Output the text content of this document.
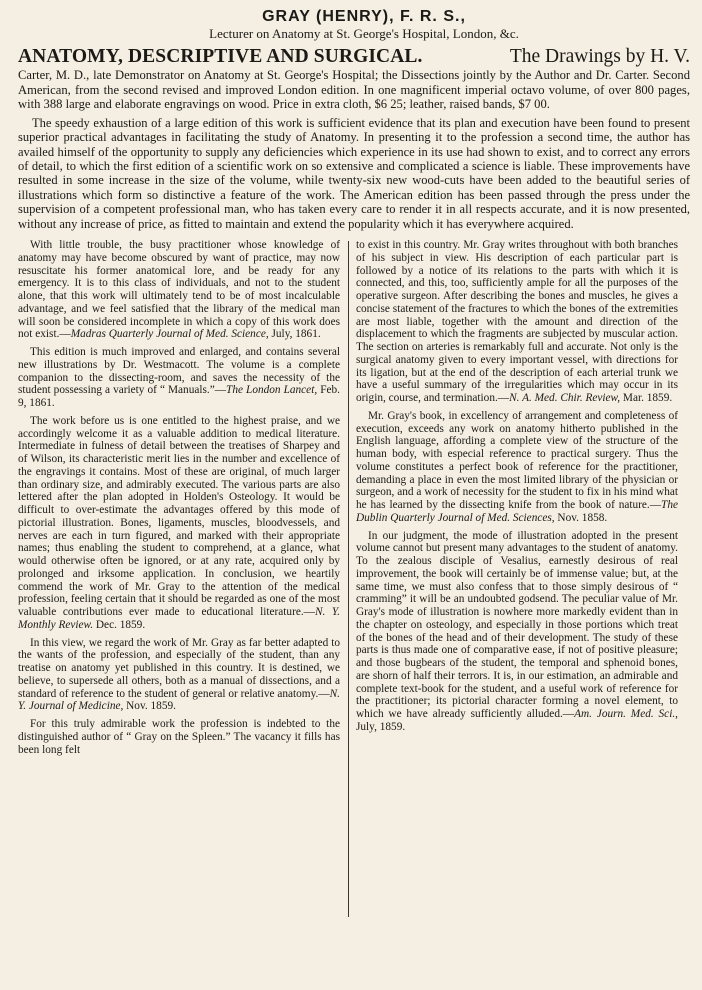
GRAY (HENRY), F. R. S.,
Lecturer on Anatomy at St. George's Hospital, London, &c.
ANATOMY, DESCRIPTIVE AND SURGICAL.	The Drawings by H. V.

Carter, M. D., late Demonstrator on Anatomy at St. George's Hospital; the Dissections jointly by the Author and Dr. Carter. Second American, from the second revised and improved London edition. In one magnificent imperial octavo volume, of over 800 pages, with 388 large and elaborate engravings on wood. Price in extra cloth, $6 25; leather, raised bands, $7 00.

The speedy exhaustion of a large edition of this work is sufficient evidence that its plan and execution have been found to present superior practical advantages in facilitating the study of Anatomy. In presenting it to the profession a second time, the author has availed himself of the opportunity to supply any deficiencies which experience in its use had shown to exist, and to correct any errors of detail, to which the first edition of a scientific work on so extensive and complicated a science is liable. These improvements have resulted in some increase in the size of the volume, while twenty-six new wood-cuts have been added to the beautiful series of illustrations which form so distinctive a feature of the work. The American edition has been passed through the press under the supervision of a competent professional man, who has taken every care to render it in all respects accurate, and it is now presented, without any increase of price, as fitted to maintain and extend the popularity which it has everywhere acquired.

With little trouble, the busy practitioner whose knowledge of anatomy may have become obscured by want of practice, may now resuscitate his former anatomical lore, and be ready for any emergency. It is to this class of individuals, and not to the student alone, that this work will ultimately tend to be of most incalculable advantage, and we feel satisfied that the library of the medical man will soon be considered incomplete in which a copy of this work does not exist.—Madras Quarterly Journal of Med. Science, July, 1861.

This edition is much improved and enlarged, and contains several new illustrations by Dr. Westmacott. The volume is a complete companion to the dissecting-room, and saves the necessity of the student possessing a variety of “ Manuals.”—The London Lancet, Feb. 9, 1861.

The work before us is one entitled to the highest praise, and we accordingly welcome it as a valuable addition to medical literature. Intermediate in fulness of detail between the treatises of Sharpey and of Wilson, its characteristic merit lies in the number and excellence of the engravings it contains. Most of these are original, of much larger than ordinary size, and admirably executed. The various parts are also lettered after the plan adopted in Holden's Osteology. It would be difficult to over-estimate the advantages offered by this mode of pictorial illustration. Bones, ligaments, muscles, bloodvessels, and nerves are each in turn figured, and marked with their appropriate names; thus enabling the student to comprehend, at a glance, what would otherwise often be ignored, or at any rate, acquired only by prolonged and irksome application. In conclusion, we heartily commend the work of Mr. Gray to the attention of the medical profession, feeling certain that it should be regarded as one of the most valuable contributions ever made to educational literature.—N. Y. Monthly Review. Dec. 1859.

In this view, we regard the work of Mr. Gray as far better adapted to the wants of the profession, and especially of the student, than any treatise on anatomy yet published in this country. It is destined, we believe, to supersede all others, both as a manual of dissections, and a standard of reference to the student of general or relative anatomy.—N. Y. Journal of Medicine, Nov. 1859.

For this truly admirable work the profession is indebted to the distinguished author of “ Gray on the Spleen.” The vacancy it fills has been long felt

to exist in this country. Mr. Gray writes throughout with both branches of his subject in view. His description of each particular part is followed by a notice of its relations to the parts with which it is connected, and this, too, sufficiently ample for all the purposes of the operative surgeon. After describing the bones and muscles, he gives a concise statement of the fractures to which the bones of the extremities are most liable, together with the amount and direction of the displacement to which the fragments are subjected by muscular action. The section on arteries is remarkably full and accurate. Not only is the surgical anatomy given to every important vessel, with directions for its ligation, but at the end of the description of each arterial trunk we have a useful summary of the irregularities which may occur in its origin, course, and termination.—N. A. Med. Chir. Review, Mar. 1859.

Mr. Gray's book, in excellency of arrangement and completeness of execution, exceeds any work on anatomy hitherto published in the English language, affording a complete view of the structure of the human body, with especial reference to practical surgery. Thus the volume constitutes a perfect book of reference for the practitioner, demanding a place in even the most limited library of the physician or surgeon, and a work of necessity for the student to fix in his mind what he has learned by the dissecting knife from the book of nature.—The Dublin Quarterly Journal of Med. Sciences, Nov. 1858.

In our judgment, the mode of illustration adopted in the present volume cannot but present many advantages to the student of anatomy. To the zealous disciple of Vesalius, earnestly desirous of real improvement, the book will certainly be of immense value; but, at the same time, we must also confess that to those simply desirous of “ cramming” it will be an undoubted godsend. The peculiar value of Mr. Gray's mode of illustration is nowhere more markedly evident than in the chapter on osteology, and especially in those portions which treat of the bones of the head and of their development. The study of these parts is thus made one of comparative ease, if not of positive pleasure; and those bugbears of the student, the temporal and sphenoid bones, are shorn of half their terrors. It is, in our estimation, an admirable and complete text-book for the student, and a useful work of reference for the practitioner; its pictorial character forming a novel element, to which we have already sufficiently alluded.—Am. Journ. Med. Sci., July, 1859.
